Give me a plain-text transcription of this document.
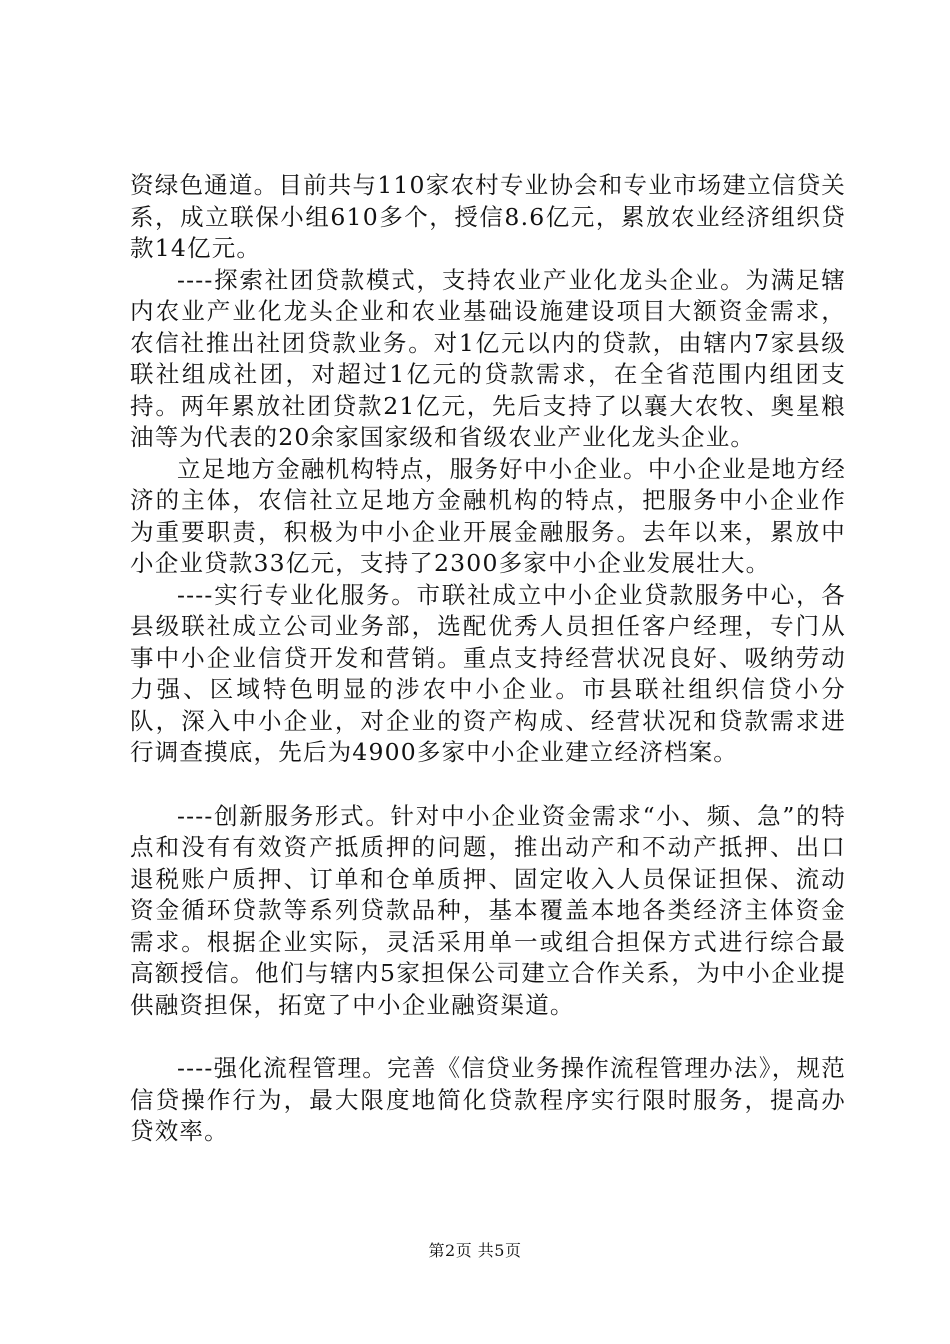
资绿色通道。目前共与110家农村专业协会和专业市场建立信贷关系，成立联保小组610多个，授信8.6亿元，累放农业经济组织贷款14亿元。

----探索社团贷款模式，支持农业产业化龙头企业。为满足辖内农业产业化龙头企业和农业基础设施建设项目大额资金需求，农信社推出社团贷款业务。对1亿元以内的贷款，由辖内7家县级联社组成社团，对超过1亿元的贷款需求，在全省范围内组团支持。两年累放社团贷款21亿元，先后支持了以襄大农牧、奥星粮油等为代表的20余家国家级和省级农业产业化龙头企业。

立足地方金融机构特点，服务好中小企业。中小企业是地方经济的主体，农信社立足地方金融机构的特点，把服务中小企业作为重要职责，积极为中小企业开展金融服务。去年以来，累放中小企业贷款33亿元，支持了2300多家中小企业发展壮大。

----实行专业化服务。市联社成立中小企业贷款服务中心，各县级联社成立公司业务部，选配优秀人员担任客户经理，专门从事中小企业信贷开发和营销。重点支持经营状况良好、吸纳劳动力强、区域特色明显的涉农中小企业。市县联社组织信贷小分队，深入中小企业，对企业的资产构成、经营状况和贷款需求进行调查摸底，先后为4900多家中小企业建立经济档案。

----创新服务形式。针对中小企业资金需求“小、频、急”的特点和没有有效资产抵质押的问题，推出动产和不动产抵押、出口退税账户质押、订单和仓单质押、固定收入人员保证担保、流动资金循环贷款等系列贷款品种，基本覆盖本地各类经济主体资金需求。根据企业实际，灵活采用单一或组合担保方式进行综合最高额授信。他们与辖内5家担保公司建立合作关系，为中小企业提供融资担保，拓宽了中小企业融资渠道。

----强化流程管理。完善《信贷业务操作流程管理办法》，规范信贷操作行为，最大限度地简化贷款程序实行限时服务，提高办贷效率。

第2页 共5页
